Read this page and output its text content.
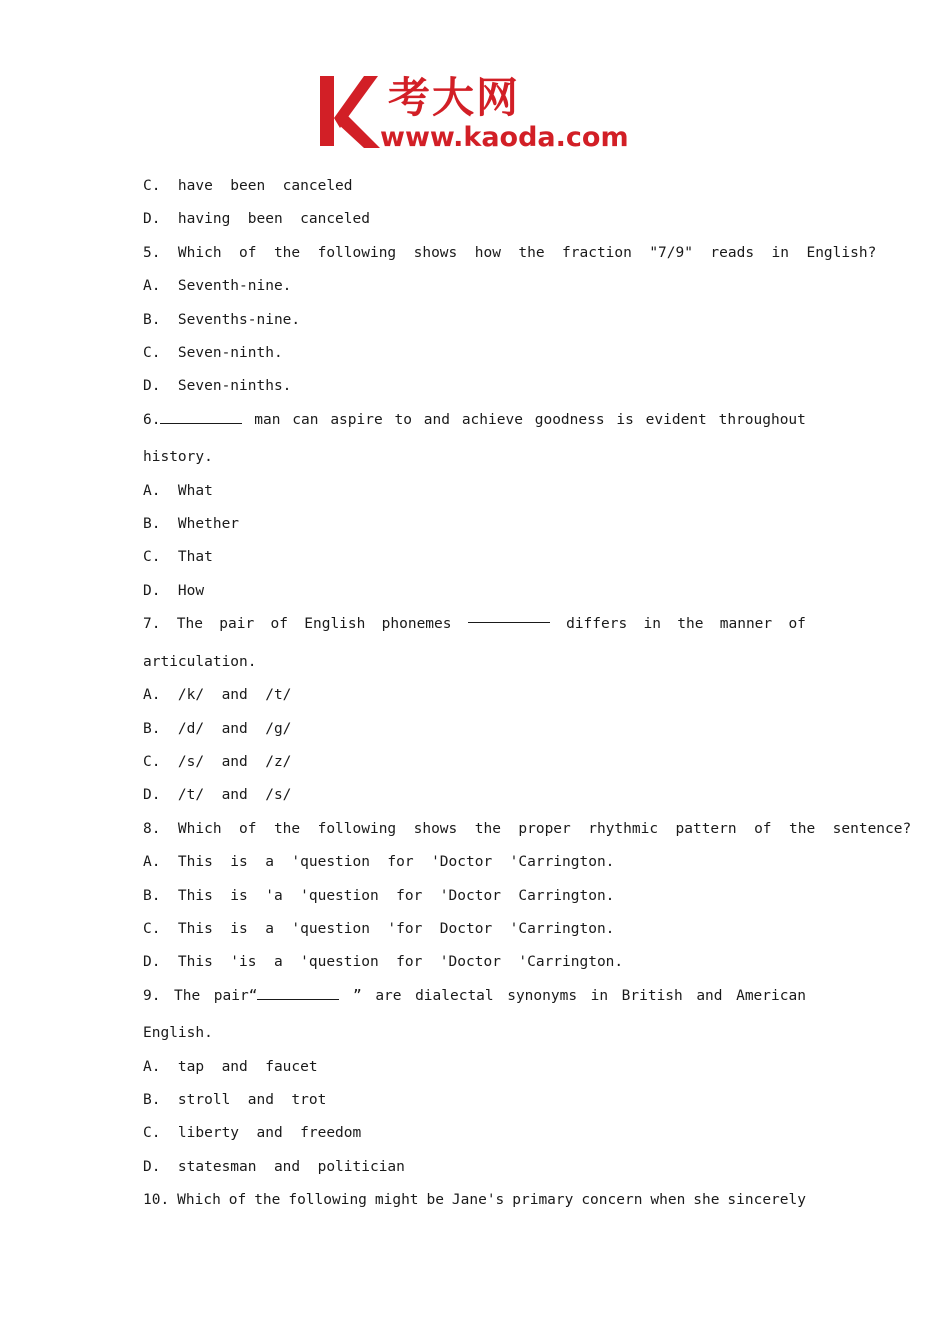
考大网
www.kaoda.com

C.  have  been  canceled

D.  having  been  canceled

5.  Which  of  the  following  shows  how  the  fraction  "7/9"  reads  in  English?

A.  Seventh-nine.

B.  Sevenths-nine.

C.  Seven-ninth.

D.  Seven-ninths.

6.	man can aspire to and achieve goodness is evident throughout

history.

A.  What

B.  Whether

C.  That

D.  How

7. The pair of English phonemes	differs in the manner of

articulation.

A.  /k/  and  /t/

B.  /d/  and  /g/

C.  /s/  and  /z/

D.  /t/  and  /s/

8.  Which  of  the  following  shows  the  proper  rhythmic  pattern  of  the  sentence?

A.  This  is  a  'question  for  'Doctor  'Carrington.

B.  This  is  'a  'question  for  'Doctor  Carrington.

C.  This  is  a  'question  'for  Doctor  'Carrington.

D.  This  'is  a  'question  for  'Doctor  'Carrington.

9. The pair“	” are dialectal synonyms in British and American

English.

A.  tap  and  faucet

B.  stroll  and  trot

C.  liberty  and  freedom

D.  statesman  and  politician

10. Which of the following might be Jane's primary concern when she sincerely
